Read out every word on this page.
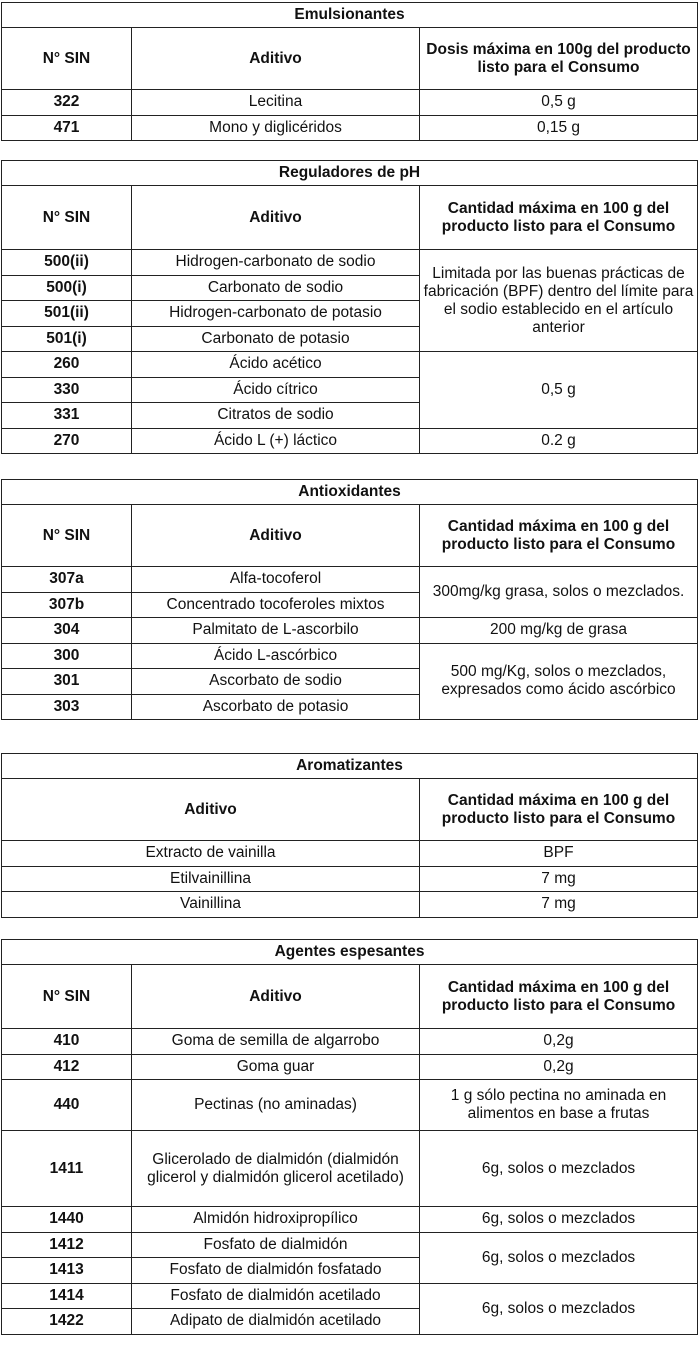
Emulsionantes		
N° SIN	Aditivo	Dosis máxima en 100g del producto listo para el Consumo
322	Lecitina	0,5 g
471	Mono y diglicéridos	0,15 g
Reguladores de pH		
N° SIN	Aditivo	Cantidad máxima en 100 g del producto listo para el Consumo
500(ii)	Hidrogen-carbonato de sodio	Limitada por las buenas prácticas de fabricación (BPF) dentro del límite para el sodio establecido en el artículo anterior
500(i)	Carbonato de sodio	
501(ii)	Hidrogen-carbonato de potasio	
501(i)	Carbonato de potasio	
260	Ácido acético	0,5 g
330	Ácido cítrico	
331	Citratos de sodio	
270	Ácido L (+) láctico	0.2 g
Antioxidantes		
N° SIN	Aditivo	Cantidad máxima en 100 g del producto listo para el Consumo
307a	Alfa-tocoferol	300mg/kg grasa, solos o mezclados.
307b	Concentrado tocoferoles mixtos	
304	Palmitato de L-ascorbilo	200 mg/kg de grasa
300	Ácido L-ascórbico	500 mg/Kg, solos o mezclados, expresados como ácido ascórbico
301	Ascorbato de sodio	
303	Ascorbato de potasio	
Aromatizantes	
Aditivo	Cantidad máxima en 100 g del producto listo para el Consumo
Extracto de vainilla	BPF
Etilvainillina	7 mg
Vainillina	7 mg
Agentes espesantes		
N° SIN	Aditivo	Cantidad máxima en 100 g del producto listo para el Consumo
410	Goma de semilla de algarrobo	0,2g
412	Goma guar	0,2g
440	Pectinas (no aminadas)	1 g sólo pectina no aminada en alimentos en base a frutas
1411	Glicerolado de dialmidón (dialmidón glicerol y dialmidón glicerol acetilado)	6g, solos o mezclados
1440	Almidón hidroxipropílico	6g, solos o mezclados
1412	Fosfato de dialmidón	6g, solos o mezclados
1413	Fosfato de dialmidón fosfatado	
1414	Fosfato de dialmidón acetilado	6g, solos o mezclados
1422	Adipato de dialmidón acetilado	
